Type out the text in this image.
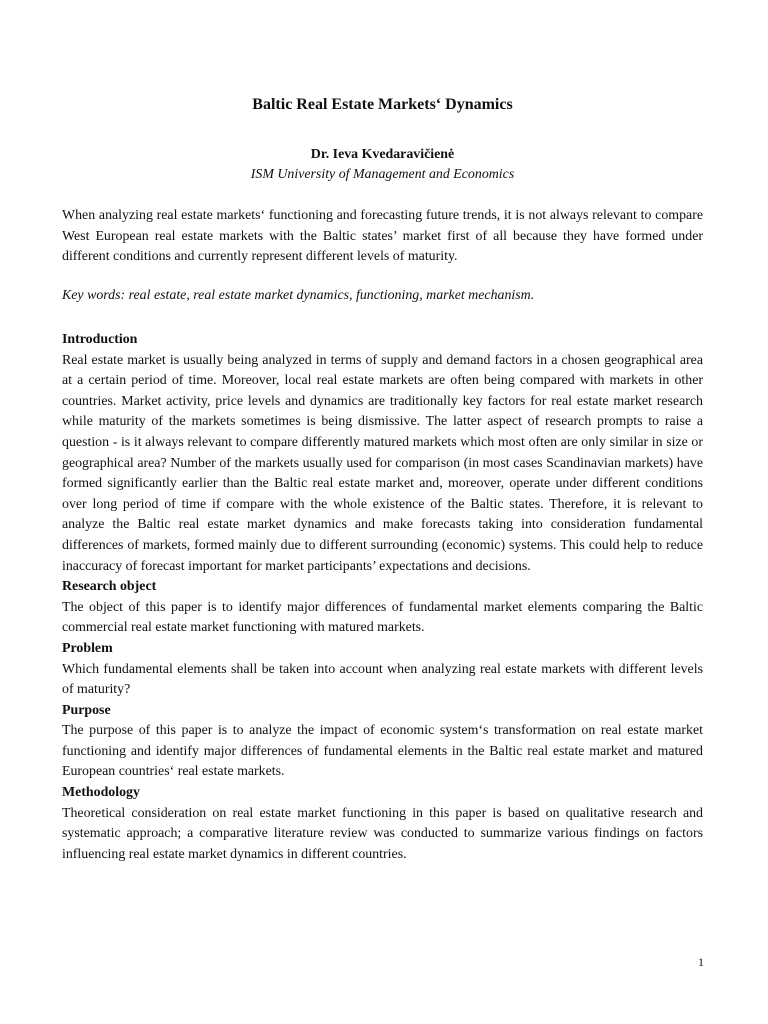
Baltic Real Estate Markets‘ Dynamics
Dr. Ieva Kvedaravičienė
ISM University of Management and Economics

When analyzing real estate markets‘ functioning and forecasting future trends, it is not always relevant to compare West European real estate markets with the Baltic states’ market first of all because they have formed under different conditions and currently represent different levels of maturity.

Key words: real estate, real estate market dynamics, functioning, market mechanism.

Introduction

Real estate market is usually being analyzed in terms of supply and demand factors in a chosen geographical area at a certain period of time. Moreover, local real estate markets are often being compared with markets in other countries. Market activity, price levels and dynamics are traditionally key factors for real estate market research while maturity of the markets sometimes is being dismissive. The latter aspect of research prompts to raise a question - is it always relevant to compare differently matured markets which most often are only similar in size or geographical area? Number of the markets usually used for comparison (in most cases Scandinavian markets) have formed significantly earlier than the Baltic real estate market and, moreover, operate under different conditions over long period of time if compare with the whole existence of the Baltic states. Therefore, it is relevant to analyze the Baltic real estate market dynamics and make forecasts taking into consideration fundamental differences of markets, formed mainly due to different surrounding (economic) systems. This could help to reduce inaccuracy of forecast important for market participants’ expectations and decisions.

Research object

The object of this paper is to identify major differences of fundamental market elements comparing the Baltic commercial real estate market functioning with matured markets.

Problem

Which fundamental elements shall be taken into account when analyzing real estate markets with different levels of maturity?

Purpose

The purpose of this paper is to analyze the impact of economic system‘s transformation on real estate market functioning and identify major differences of fundamental elements in the Baltic real estate market and matured European countries‘ real estate markets.

Methodology

Theoretical consideration on real estate market functioning in this paper is based on qualitative research and systematic approach; a comparative literature review was conducted to summarize various findings on factors influencing real estate market dynamics in different countries.

1
